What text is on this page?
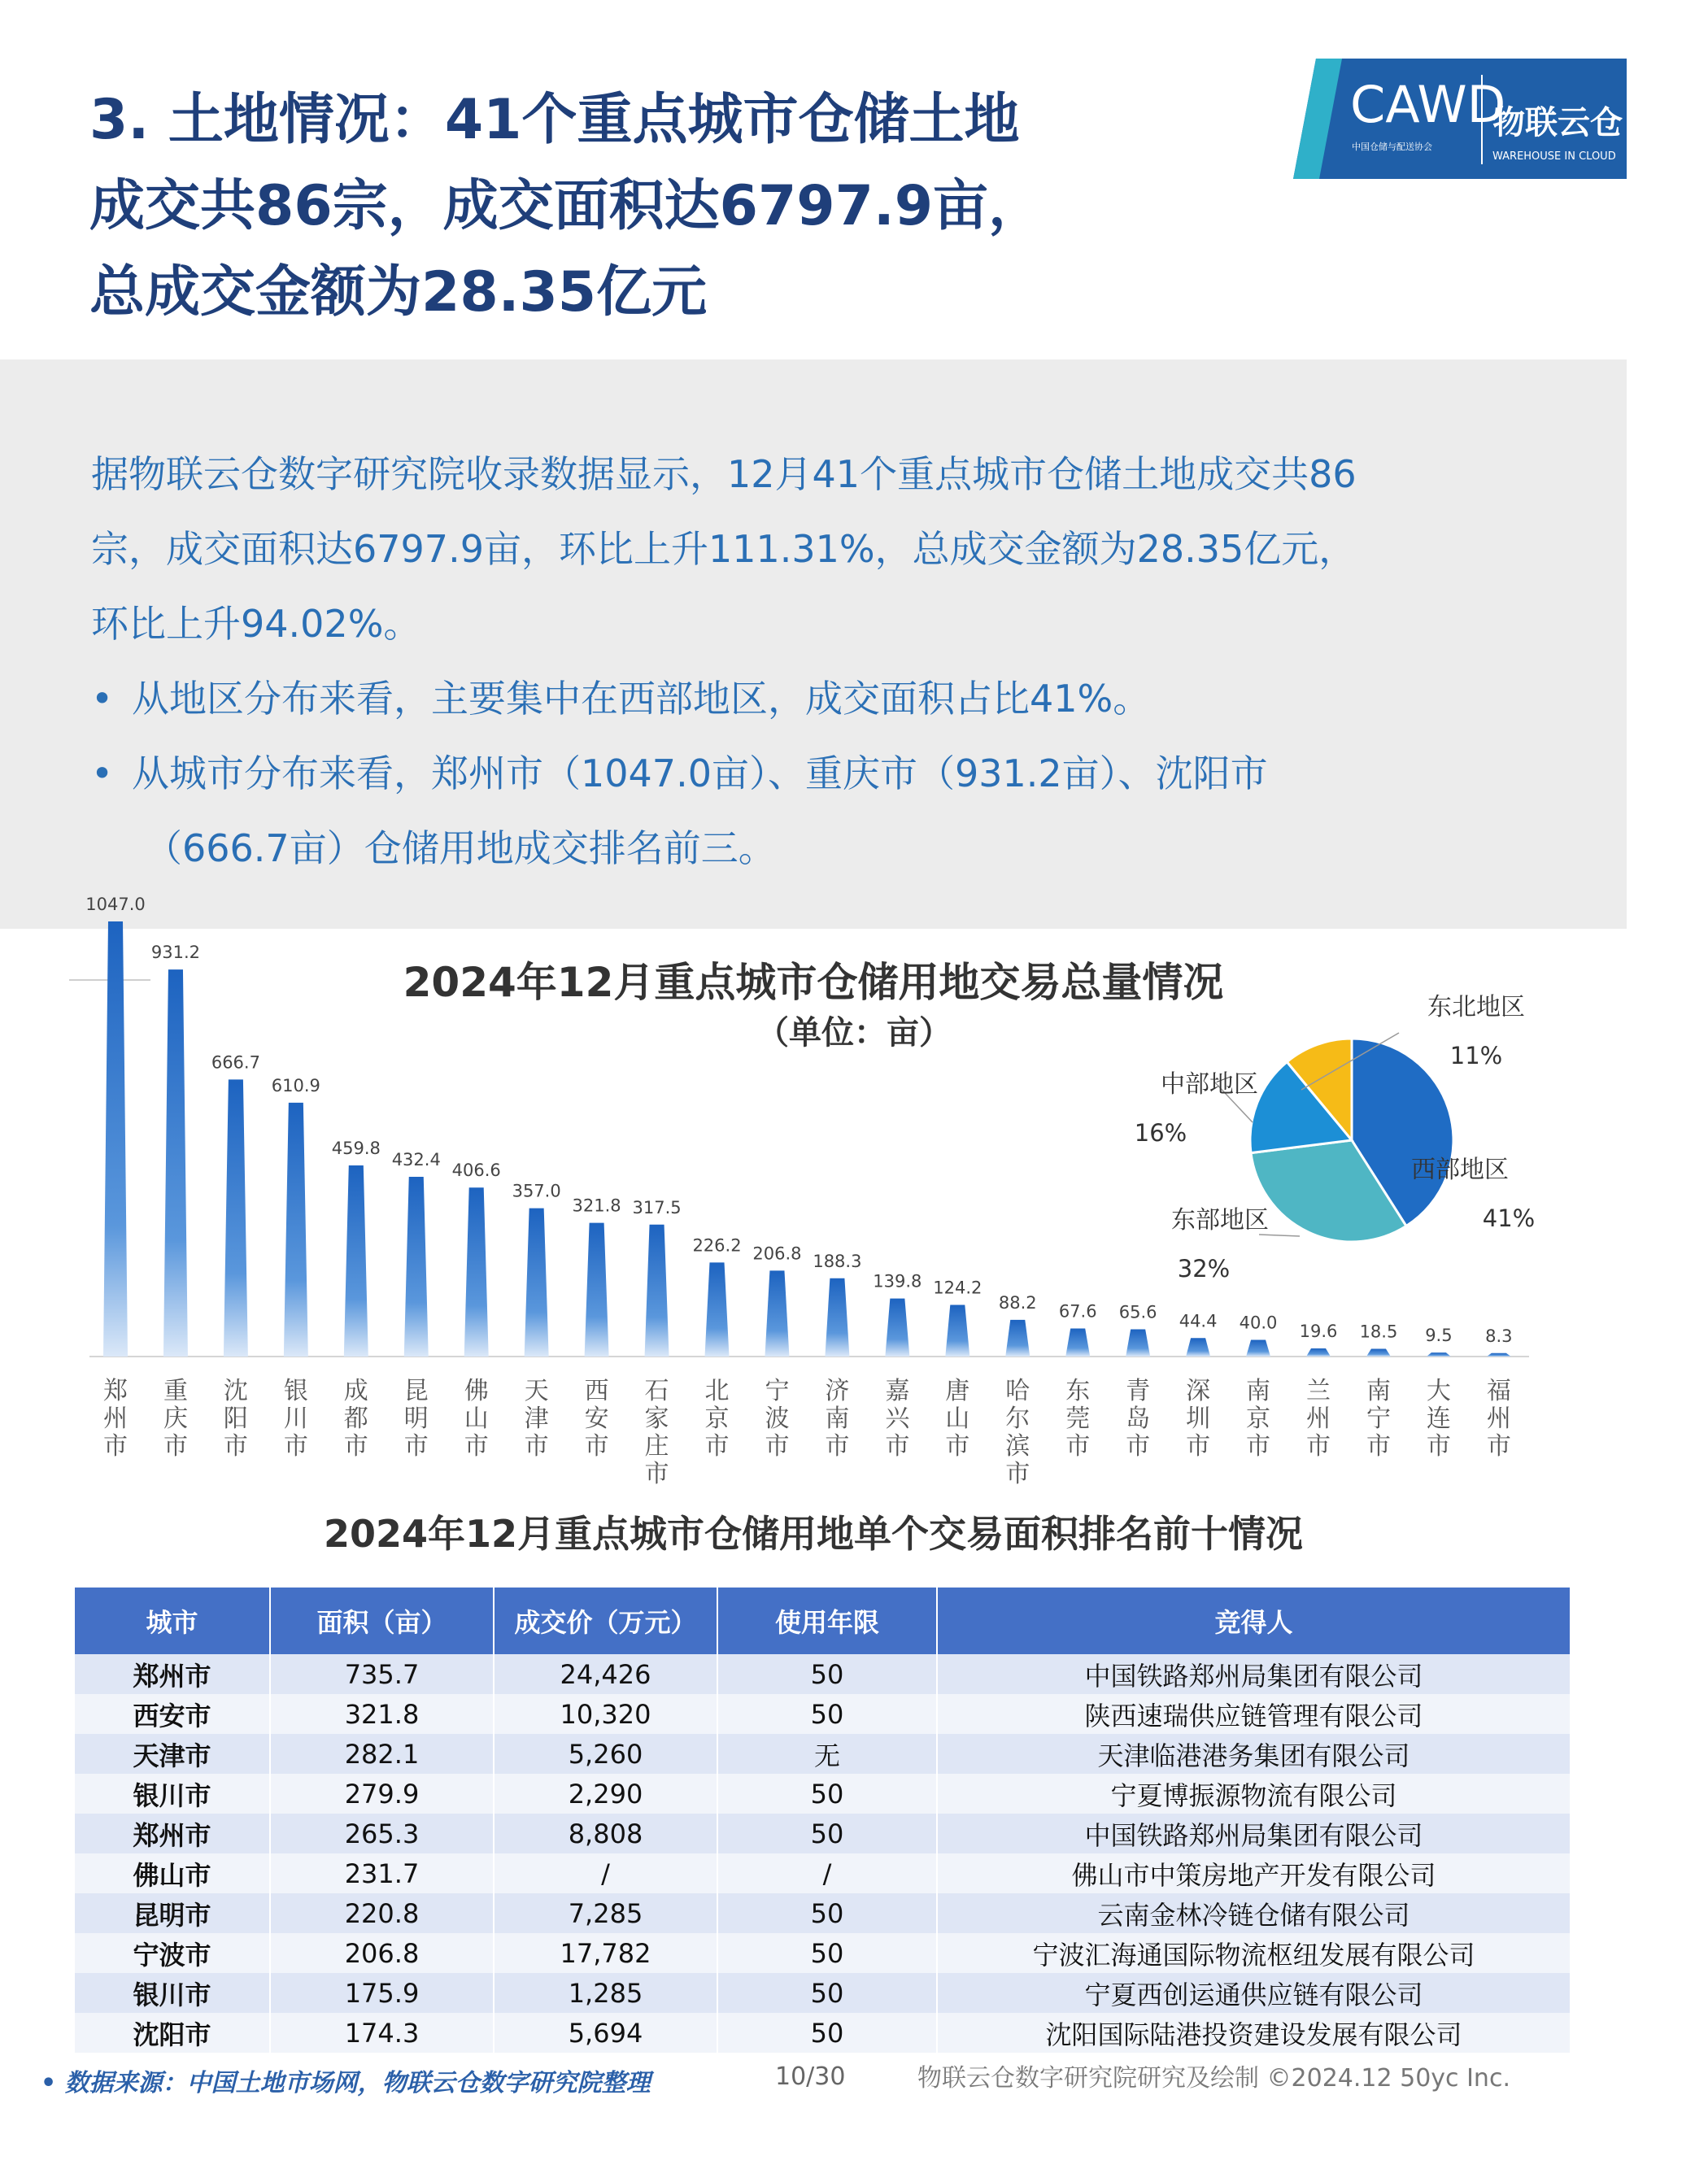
3. 土地情况：41个重点城市仓储土地
成交共86宗，成交面积达6797.9亩，
总成交金额为28.35亿元
CAWD
中国仓储与配送协会
物联云仓
WAREHOUSE IN CLOUD
据物联云仓数字研究院收录数据显示，12月41个重点城市仓储土地成交共86
宗，成交面积达6797.9亩，环比上升111.31%，总成交金额为28.35亿元，
环比上升94.02%。
• 从地区分布来看，主要集中在西部地区，成交面积占比41%。
• 从城市分布来看，郑州市（1047.0亩）、重庆市（931.2亩）、沈阳市
（666.7亩）仓储用地成交排名前三。
2024年12月重点城市仓储用地交易总量情况
（单位：亩）
1047.0
郑
州
市
931.2
重
庆
市
666.7
沈
阳
市
610.9
银
川
市
459.8
成
都
市
432.4
昆
明
市
406.6
佛
山
市
357.0
天
津
市
321.8
西
安
市
317.5
石
家
庄
市
226.2
北
京
市
206.8
宁
波
市
188.3
济
南
市
139.8
嘉
兴
市
124.2
唐
山
市
88.2
哈
尔
滨
市
67.6
东
莞
市
65.6
青
岛
市
44.4
深
圳
市
40.0
南
京
市
19.6
兰
州
市
18.5
南
宁
市
9.5
大
连
市
8.3
福
州
市
西部地区
41%
东部地区
32%
中部地区
16%
东北地区
11%
2024年12月重点城市仓储用地单个交易面积排名前十情况
城市	面积（亩）	成交价（万元）	使用年限	竞得人
郑州市	735.7	24,426	50	中国铁路郑州局集团有限公司
西安市	321.8	10,320	50	陕西速瑞供应链管理有限公司
天津市	282.1	5,260	无	天津临港港务集团有限公司
银川市	279.9	2,290	50	宁夏博振源物流有限公司
郑州市	265.3	8,808	50	中国铁路郑州局集团有限公司
佛山市	231.7	/	/	佛山市中策房地产开发有限公司
昆明市	220.8	7,285	50	云南金林冷链仓储有限公司
宁波市	206.8	17,782	50	宁波汇海通国际物流枢纽发展有限公司
银川市	175.9	1,285	50	宁夏西创运通供应链有限公司
沈阳市	174.3	5,694	50	沈阳国际陆港投资建设发展有限公司
• 数据来源：中国土地市场网，物联云仓数字研究院整理	10/30	物联云仓数字研究院研究及绘制 ©2024.12 50yc Inc.
